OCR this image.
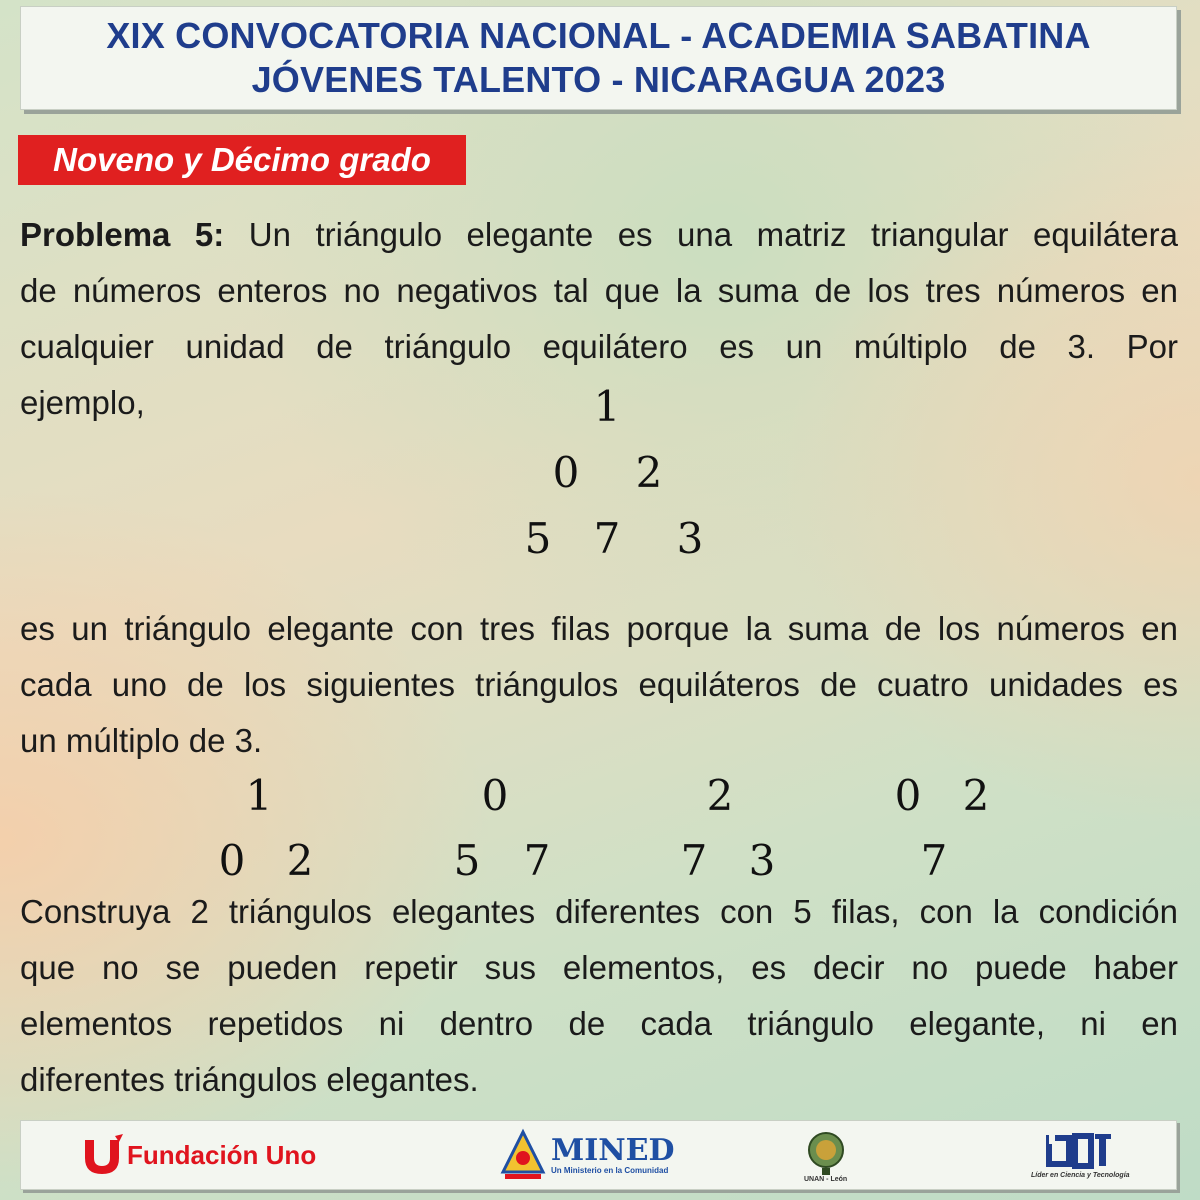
XIX CONVOCATORIA NACIONAL - ACADEMIA SABATINA
JÓVENES TALENTO - NICARAGUA 2023
Noveno y Décimo grado
Problema 5: Un triángulo elegante es una matriz triangular equilátera
de números enteros no negativos tal que la suma de los tres números en
cualquier unidad de triángulo equilátero es un múltiplo de 3. Por
ejemplo,	1
0 2
5 7 3
es un triángulo elegante con tres filas porque la suma de los números en
cada uno de los siguientes triángulos equiláteros de cuatro unidades es
un múltiplo de 3.
1
0 2
0
5 7
2
7 3
0 2
7
Construya 2 triángulos elegantes diferentes con 5 filas, con la condición
que no se pueden repetir sus elementos, es decir no puede haber
elementos repetidos ni dentro de cada triángulo elegante, ni en
diferentes triángulos elegantes.
Fundación Uno	MINED
Un Ministerio en la Comunidad
UNAN - León
Líder en Ciencia y Tecnología
